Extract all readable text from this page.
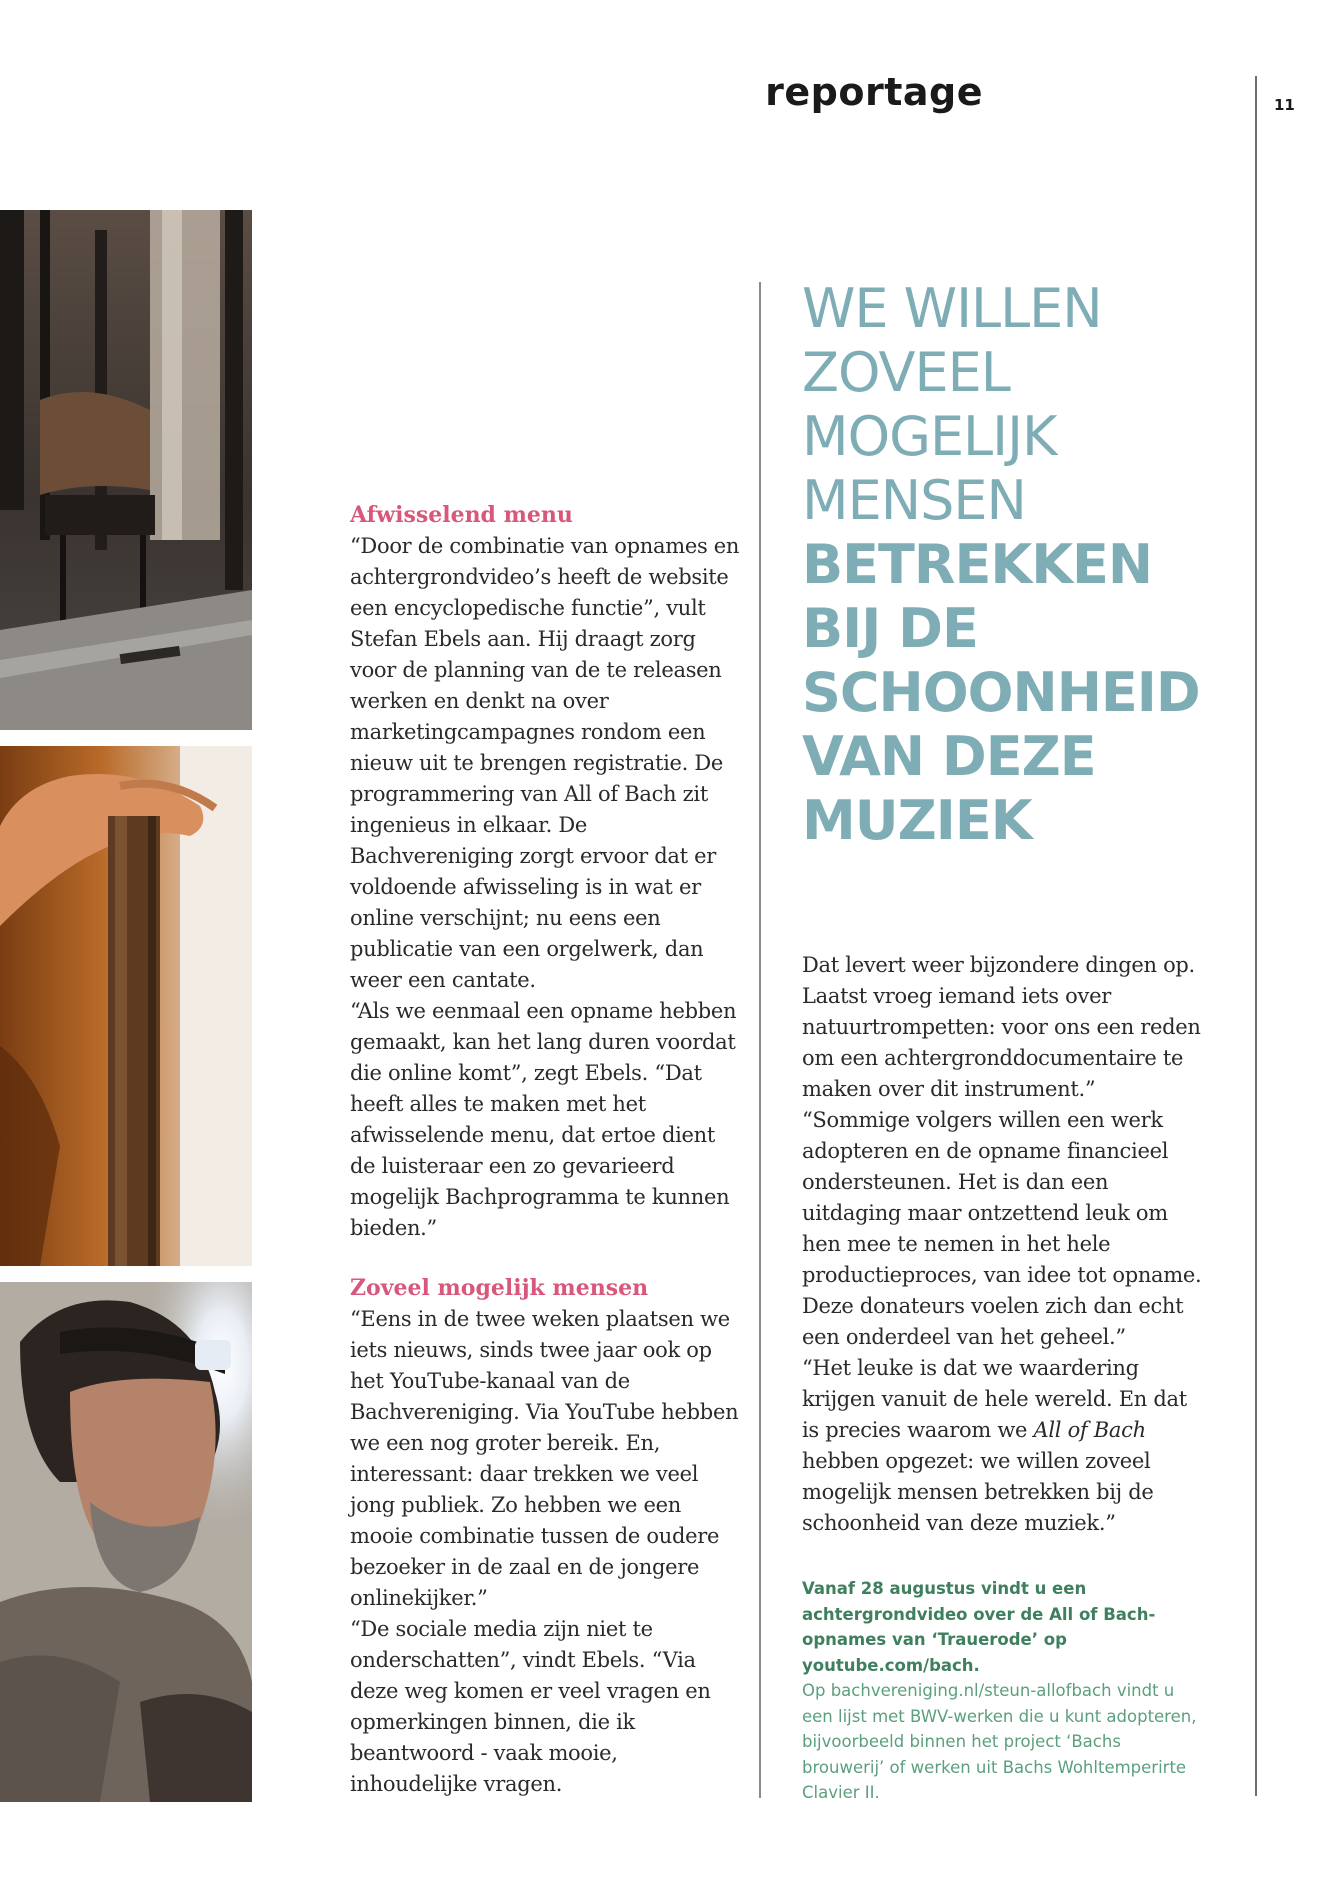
reportage	11

Afwisselend menu

“Door de combinatie van opnames en achtergrondvideo’s heeft de website een encyclopedische functie”, vult Stefan Ebels aan. Hij draagt zorg voor de planning van de te releasen werken en denkt na over marketingcampagnes rondom een nieuw uit te brengen registratie. De programmering van All of Bach zit ingenieus in elkaar. De Bachvereniging zorgt ervoor dat er voldoende afwisseling is in wat er online verschijnt; nu eens een publicatie van een orgelwerk, dan weer een cantate.

“Als we eenmaal een opname hebben gemaakt, kan het lang duren voordat die online komt”, zegt Ebels. “Dat heeft alles te maken met het afwisselende menu, dat ertoe dient de luisteraar een zo gevarieerd mogelijk Bachprogramma te kunnen bieden.”

Zoveel mogelijk mensen

“Eens in de twee weken plaatsen we iets nieuws, sinds twee jaar ook op het YouTube-kanaal van de Bachvereniging. Via YouTube hebben we een nog groter bereik. En, interessant: daar trekken we veel jong publiek. Zo hebben we een mooie combinatie tussen de oudere bezoeker in de zaal en de jongere onlinekijker.”

“De sociale media zijn niet te onderschatten”, vindt Ebels. “Via deze weg komen er veel vragen en opmerkingen binnen, die ik beantwoord - vaak mooie, inhoudelijke vragen.

WE WILLEN ZOVEEL MOGELIJK MENSEN
BETREKKEN BIJ DE SCHOONHEID VAN DEZE MUZIEK

Dat levert weer bijzondere dingen op. Laatst vroeg iemand iets over natuurtrompetten: voor ons een reden om een achtergronddocumentaire te maken over dit instrument.”

“Sommige volgers willen een werk adopteren en de opname financieel ondersteunen. Het is dan een uitdaging maar ontzettend leuk om hen mee te nemen in het hele productieproces, van idee tot opname. Deze donateurs voelen zich dan echt een onderdeel van het geheel.”

“Het leuke is dat we waardering krijgen vanuit de hele wereld. En dat is precies waarom we All of Bach hebben opgezet: we willen zoveel mogelijk mensen betrekken bij de schoonheid van deze muziek.”

Vanaf 28 augustus vindt u een achtergrondvideo over de All of Bach-opnames van ‘Trauerode’ op youtube.com/bach.

Op bachvereniging.nl/steun-allofbach vindt u een lijst met BWV-werken die u kunt adopteren, bijvoorbeeld binnen het project ‘Bachs brouwerij’ of werken uit Bachs Wohltemperirte Clavier II.
